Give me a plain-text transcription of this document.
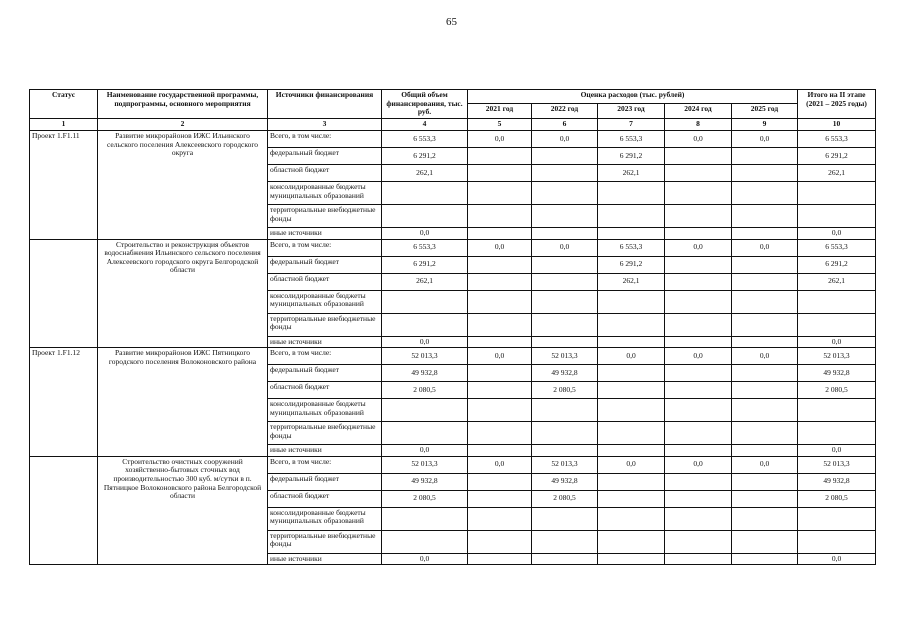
65
Статус	Наименование государственной программы, подпрограммы, основного мероприятия	Источники финансирования	Общий объем финансирования, тыс. руб.	Оценка расходов (тыс. рублей)					Итого на II этапе (2021 – 2025 годы)
				2021 год	2022 год	2023 год	2024 год	2025 год	
1	2	3	4	5	6	7	8	9	10
Проект 1.F1.11	Развитие микрорайонов ИЖС Ильинского сельского поселения Алексеевского городского округа	Всего, в том числе:	6 553,3	0,0	0,0	6 553,3	0,0	0,0	6 553,3
		федеральный бюджет	6 291,2			6 291,2			6 291,2
		областной бюджет	262,1			262,1			262,1
		консолидированные бюджеты муниципальных образований							
		территориальные внебюджетные фонды							
		иные источники	0,0						0,0
	Строительство и реконструкция объектов водоснабжения Ильинского сельского поселения Алексеевского городского округа Белгородской области	Всего, в том числе:	6 553,3	0,0	0,0	6 553,3	0,0	0,0	6 553,3
		федеральный бюджет	6 291,2			6 291,2			6 291,2
		областной бюджет	262,1			262,1			262,1
		консолидированные бюджеты муниципальных образований							
		территориальные внебюджетные фонды							
		иные источники	0,0						0,0
Проект 1.F1.12	Развитие микрорайонов ИЖС Пятницкого городского поселения Волоконовского района	Всего, в том числе:	52 013,3	0,0	52 013,3	0,0	0,0	0,0	52 013,3
		федеральный бюджет	49 932,8		49 932,8				49 932,8
		областной бюджет	2 080,5		2 080,5				2 080,5
		консолидированные бюджеты муниципальных образований							
		территориальные внебюджетные фонды							
		иные источники	0,0						0,0
	Строительство очистных сооружений хозяйственно-бытовых сточных вод производительностью 300 куб. м/сутки в п. Пятницкое Волоконовского района Белгородской области	Всего, в том числе:	52 013,3	0,0	52 013,3	0,0	0,0	0,0	52 013,3
		федеральный бюджет	49 932,8		49 932,8				49 932,8
		областной бюджет	2 080,5		2 080,5				2 080,5
		консолидированные бюджеты муниципальных образований							
		территориальные внебюджетные фонды							
		иные источники	0,0						0,0
